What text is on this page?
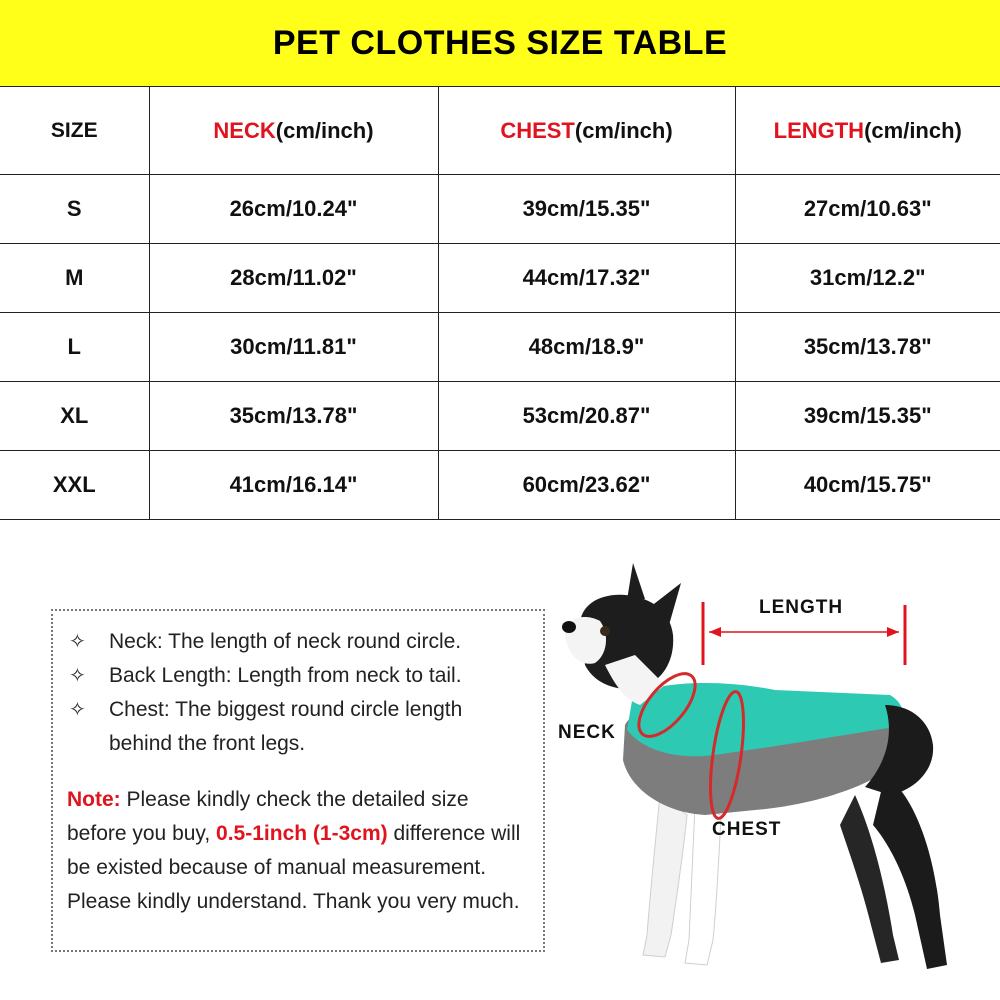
PET CLOTHES SIZE TABLE
SIZE	NECK(cm/inch)	CHEST(cm/inch)	LENGTH(cm/inch)
S	26cm/10.24"	39cm/15.35"	27cm/10.63"
M	28cm/11.02"	44cm/17.32"	31cm/12.2"
L	30cm/11.81"	48cm/18.9"	35cm/13.78"
XL	35cm/13.78"	53cm/20.87"	39cm/15.35"
XXL	41cm/16.14"	60cm/23.62"	40cm/15.75"
✧	Neck: The length of neck round circle.
✧	Back Length: Length from neck to tail.
✧	Chest: The biggest round circle length behind the front legs.

Note: Please kindly check the detailed size before you buy, 0.5-1inch (1-3cm) difference will be existed because of manual measurement. Please kindly understand. Thank you very much.

LENGTH
NECK
CHEST
